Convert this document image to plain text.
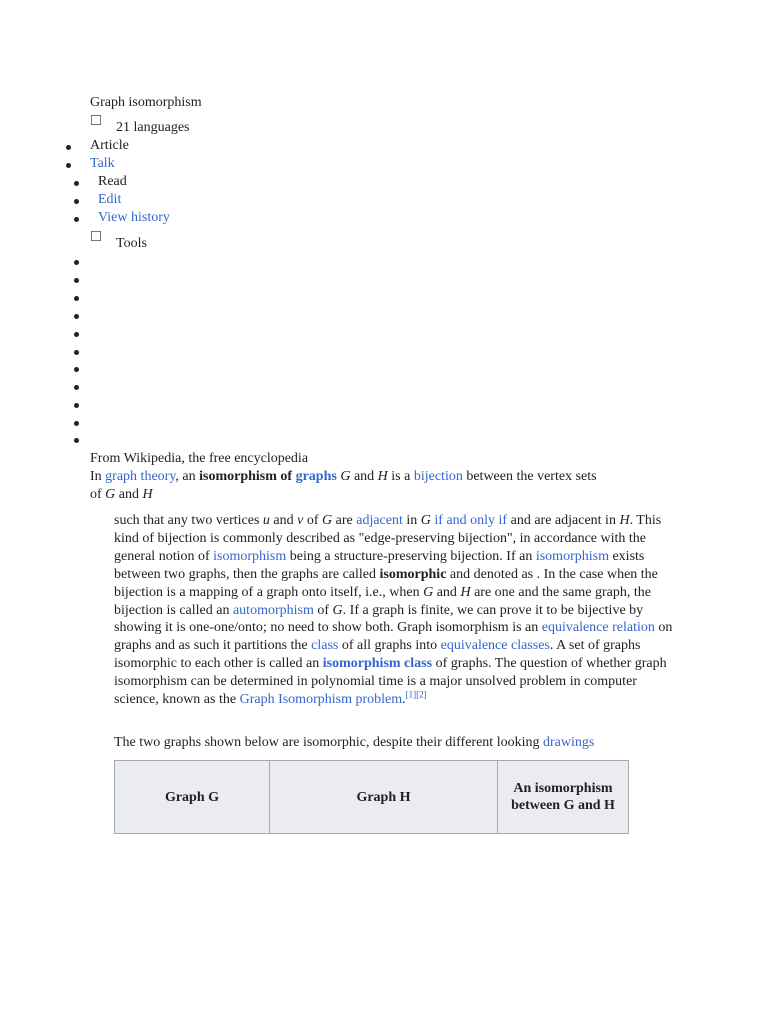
Graph isomorphism
21 languages
Article
Talk
Read
Edit
View history
Tools
From Wikipedia, the free encyclopedia
In graph theory, an isomorphism of graphs G and H is a bijection between the vertex sets
of G and H

such that any two vertices u and v of G are adjacent in G if and only if and are adjacent in H. This kind of bijection is commonly described as "edge-preserving bijection", in accordance with the general notion of isomorphism being a structure-preserving bijection. If an isomorphism exists between two graphs, then the graphs are called isomorphic and denoted as . In the case when the bijection is a mapping of a graph onto itself, i.e., when G and H are one and the same graph, the bijection is called an automorphism of G. If a graph is finite, we can prove it to be bijective by showing it is one-one/onto; no need to show both. Graph isomorphism is an equivalence relation on graphs and as such it partitions the class of all graphs into equivalence classes. A set of graphs isomorphic to each other is called an isomorphism class of graphs. The question of whether graph isomorphism can be determined in polynomial time is a major unsolved problem in computer science, known as the Graph Isomorphism problem.[1][2]

The two graphs shown below are isomorphic, despite their different looking drawings
Graph G	Graph H	An isomorphism between G and H
